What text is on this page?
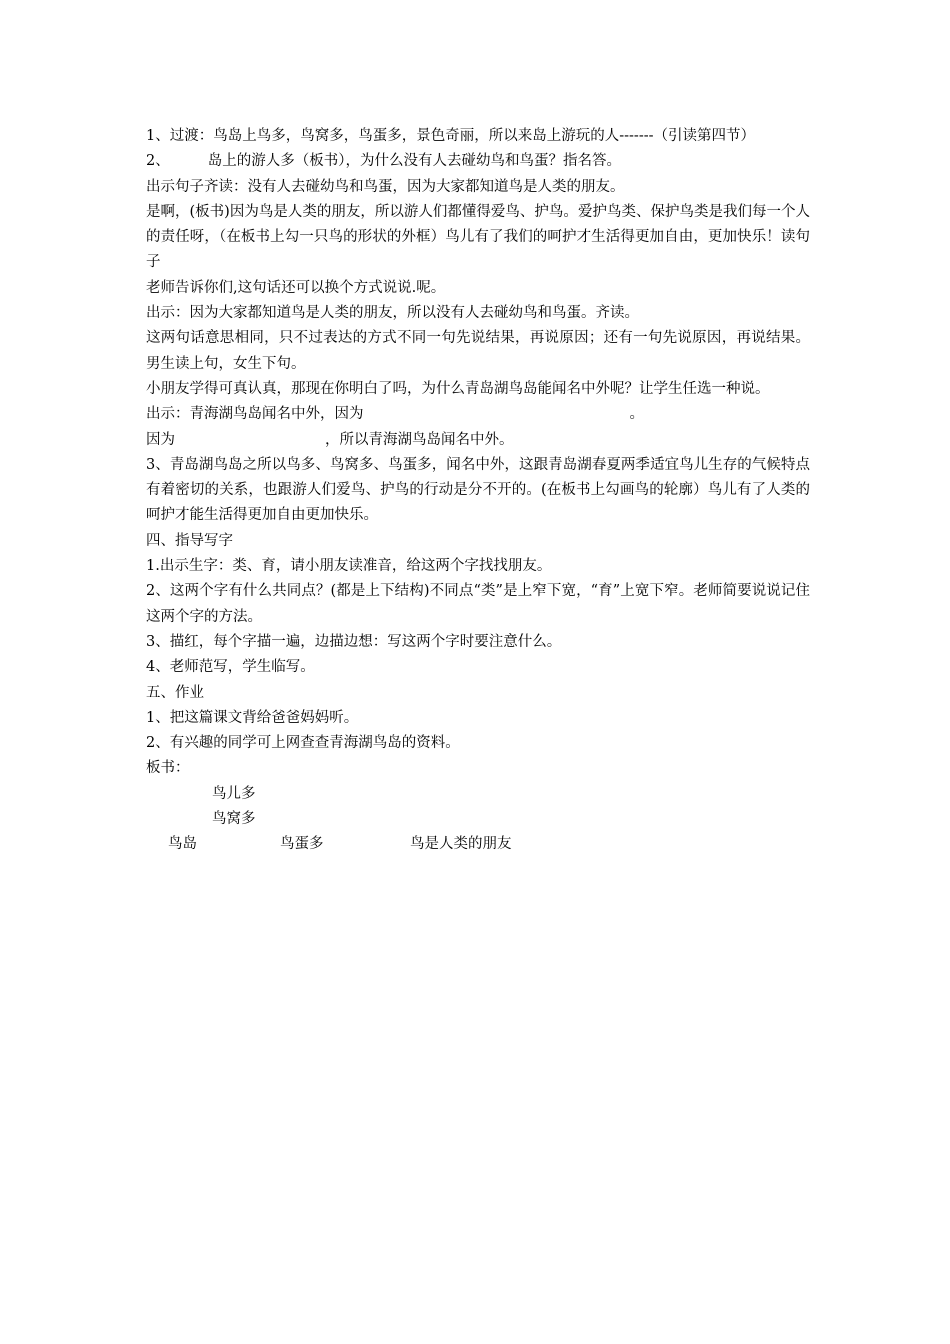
1、过渡：鸟岛上鸟多，鸟窝多，鸟蛋多，景色奇丽，所以来岛上游玩的人-------（引读第四节）

2、	岛上的游人多（板书），为什么没有人去碰幼鸟和鸟蛋？指名答。

出示句子齐读：没有人去碰幼鸟和鸟蛋，因为大家都知道鸟是人类的朋友。

是啊，(板书)因为鸟是人类的朋友，所以游人们都懂得爱鸟、护鸟。爱护鸟类、保护鸟类是我们每一个人的责任呀，（在板书上勾一只鸟的形状的外框）鸟儿有了我们的呵护才生活得更加自由，更加快乐！读句子

老师告诉你们,这句话还可以换个方式说说.呢。

出示：因为大家都知道鸟是人类的朋友，所以没有人去碰幼鸟和鸟蛋。齐读。

这两句话意思相同，只不过表达的方式不同一句先说结果，再说原因；还有一句先说原因，再说结果。 男生读上句，女生下句。

小朋友学得可真认真，那现在你明白了吗，为什么青岛湖鸟岛能闻名中外呢？让学生任选一种说。

出示：青海湖鸟岛闻名中外，因为	。

因为	，所以青海湖鸟岛闻名中外。

3、青岛湖鸟岛之所以鸟多、鸟窝多、鸟蛋多，闻名中外，这跟青岛湖春夏两季适宜鸟儿生存的气候特点有着密切的关系，也跟游人们爱鸟、护鸟的行动是分不开的。(在板书上勾画鸟的轮廓）鸟儿有了人类的呵护才能生活得更加自由更加快乐。

四、指导写字

1.出示生字：类、育，请小朋友读准音，给这两个字找找朋友。

2、这两个字有什么共同点？(都是上下结构)不同点“类”是上窄下宽，“育”上宽下窄。老师简要说说记住这两个字的方法。

3、描红，每个字描一遍，边描边想：写这两个字时要注意什么。

4、老师范写，学生临写。

五、作业

1、把这篇课文背给爸爸妈妈听。

2、有兴趣的同学可上网查查青海湖鸟岛的资料。

板书：

鸟儿多
鸟窝多
鸟岛	鸟蛋多	鸟是人类的朋友
